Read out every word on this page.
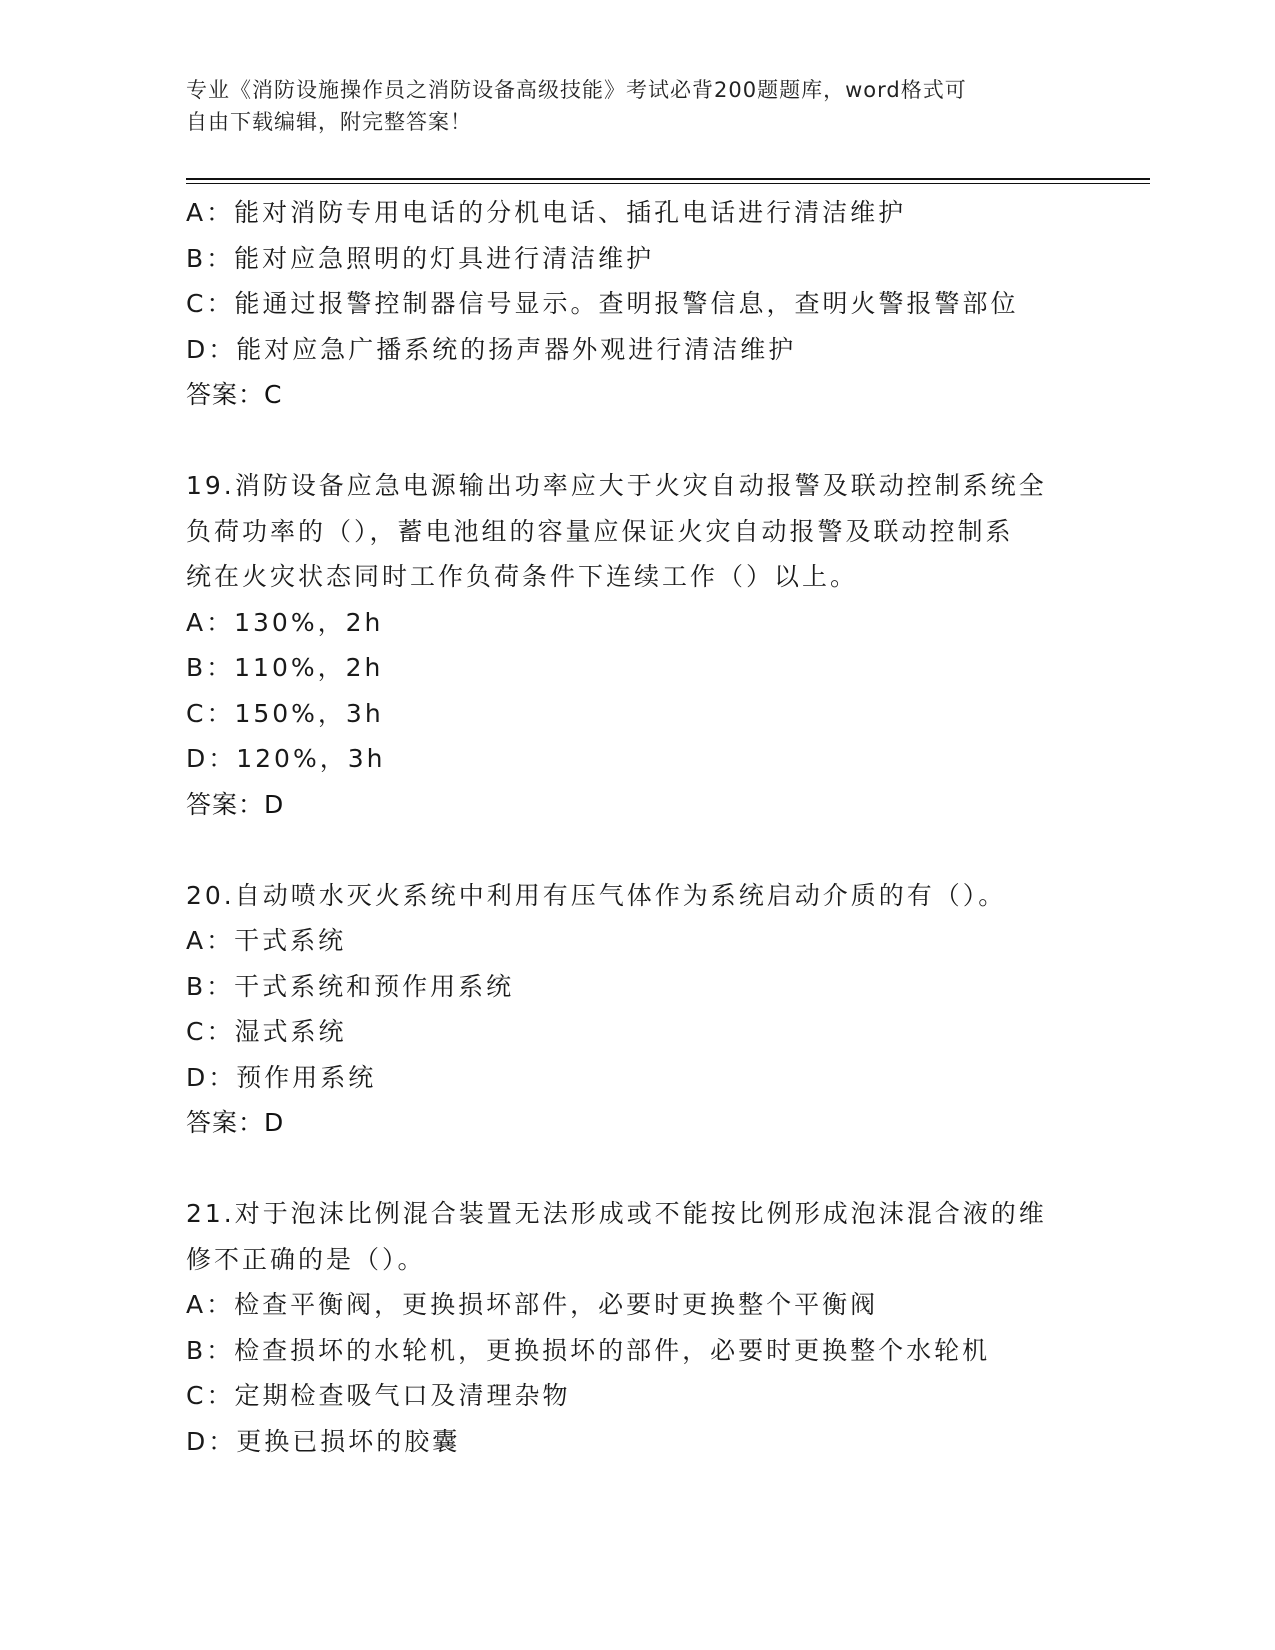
专业《消防设施操作员之消防设备高级技能》考试必背200题题库，word格式可
自由下载编辑，附完整答案！
A：能对消防专用电话的分机电话、插孔电话进行清洁维护
B：能对应急照明的灯具进行清洁维护
C：能通过报警控制器信号显示。查明报警信息，查明火警报警部位
D：能对应急广播系统的扬声器外观进行清洁维护
答案：C
19.消防设备应急电源输出功率应大于火灾自动报警及联动控制系统全
负荷功率的（），蓄电池组的容量应保证火灾自动报警及联动控制系
统在火灾状态同时工作负荷条件下连续工作（）以上。
A：130%，2h
B：110%，2h
C：150%，3h
D：120%，3h
答案：D
20.自动喷水灭火系统中利用有压气体作为系统启动介质的有（）。
A：干式系统
B：干式系统和预作用系统
C：湿式系统
D：预作用系统
答案：D
21.对于泡沫比例混合装置无法形成或不能按比例形成泡沫混合液的维
修不正确的是（）。
A：检查平衡阀，更换损坏部件，必要时更换整个平衡阀
B：检查损坏的水轮机，更换损坏的部件，必要时更换整个水轮机
C：定期检查吸气口及清理杂物
D：更换已损坏的胶囊
